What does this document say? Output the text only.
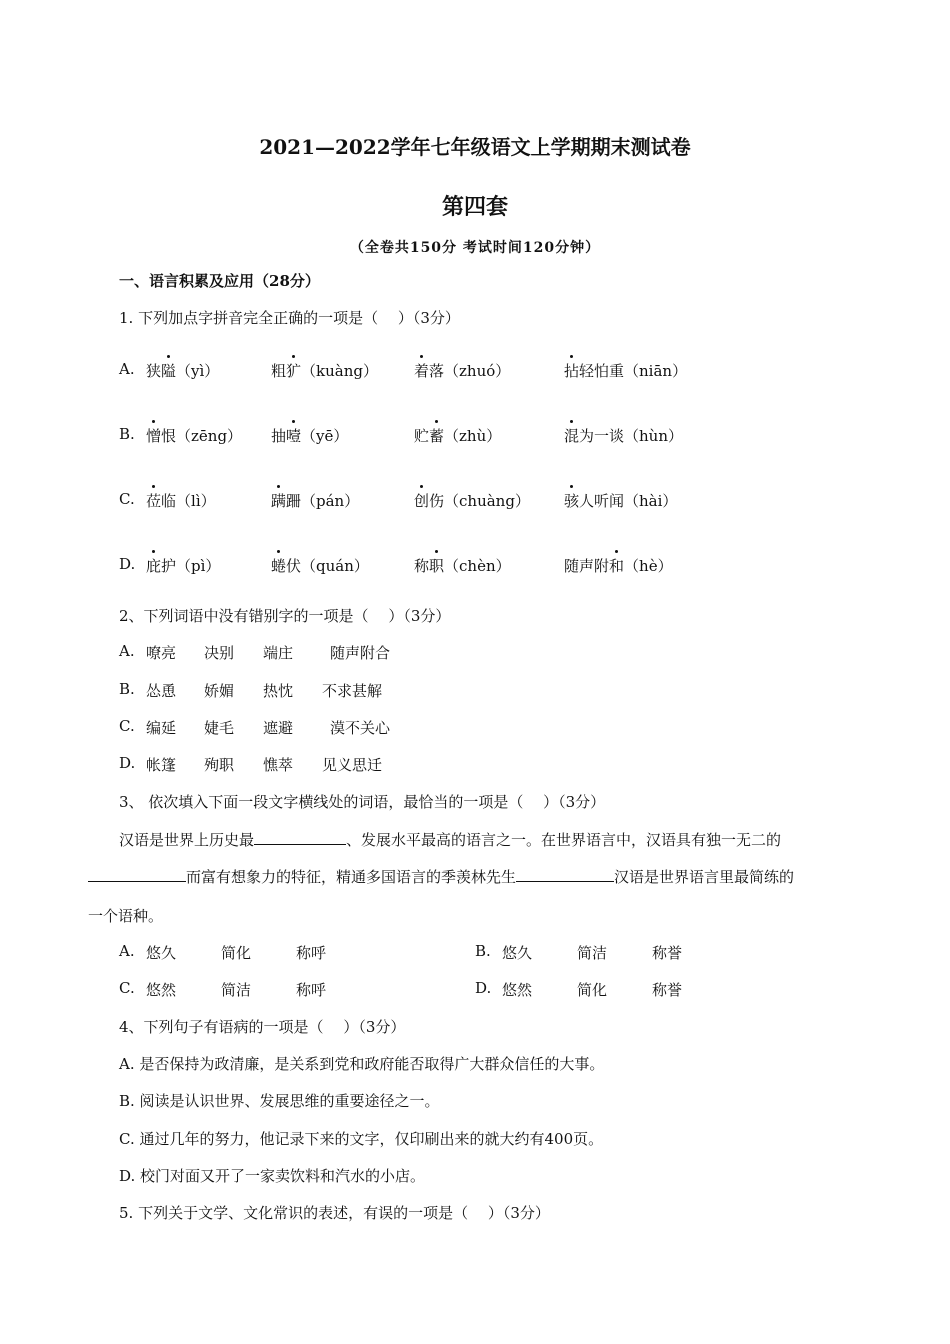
2021—2022学年七年级语文上学期期末测试卷
第四套
（全卷共150分 考试时间120分钟）
一、语言积累及应用（28分）
1. 下列加点字拼音完全正确的一项是（　 ）（3分）
A. 狭隘（yì）	粗犷（kuàng） 着落（zhuó）	拈轻怕重（niān）
B. 憎恨（zēng） 抽噎（yē）	贮蓄（zhù）	混为一谈（hùn）
C. 莅临（lì）	蹒跚（pán）	创伤（chuàng） 骇人听闻（hài）
D. 庇护（pì）	蜷伏（quán）	称职（chèn）	随声附和（hè）
2、下列词语中没有错别字的一项是（　 ）（3分）
A. 嘹亮 决别 端庄 随声附合
B. 怂恿 娇媚 热忱 不求甚解
C. 编延 婕毛 遮避 漠不关心
D. 帐篷 殉职 憔萃 见义思迁
3、 依次填入下面一段文字横线处的词语，最恰当的一项是（　 ）（3分）
汉语是世界上历史最	、发展水平最高的语言之一。在世界语言中，汉语具有独一无二的
而富有想象力的特征，精通多国语言的季羡林先生	汉语是世界语言里最简练的
一个语种。
A. 悠久	简化	称呼	B. 悠久	简洁	称誉
C. 悠然	简洁	称呼	D. 悠然	简化	称誉
4、下列句子有语病的一项是（　 ）（3分）
A. 是否保持为政清廉，是关系到党和政府能否取得广大群众信任的大事。
B. 阅读是认识世界、发展思维的重要途径之一。
C. 通过几年的努力，他记录下来的文字，仅印刷出来的就大约有400页。
D. 校门对面又开了一家卖饮料和汽水的小店。
5. 下列关于文学、文化常识的表述，有误的一项是（　 ）（3分）
